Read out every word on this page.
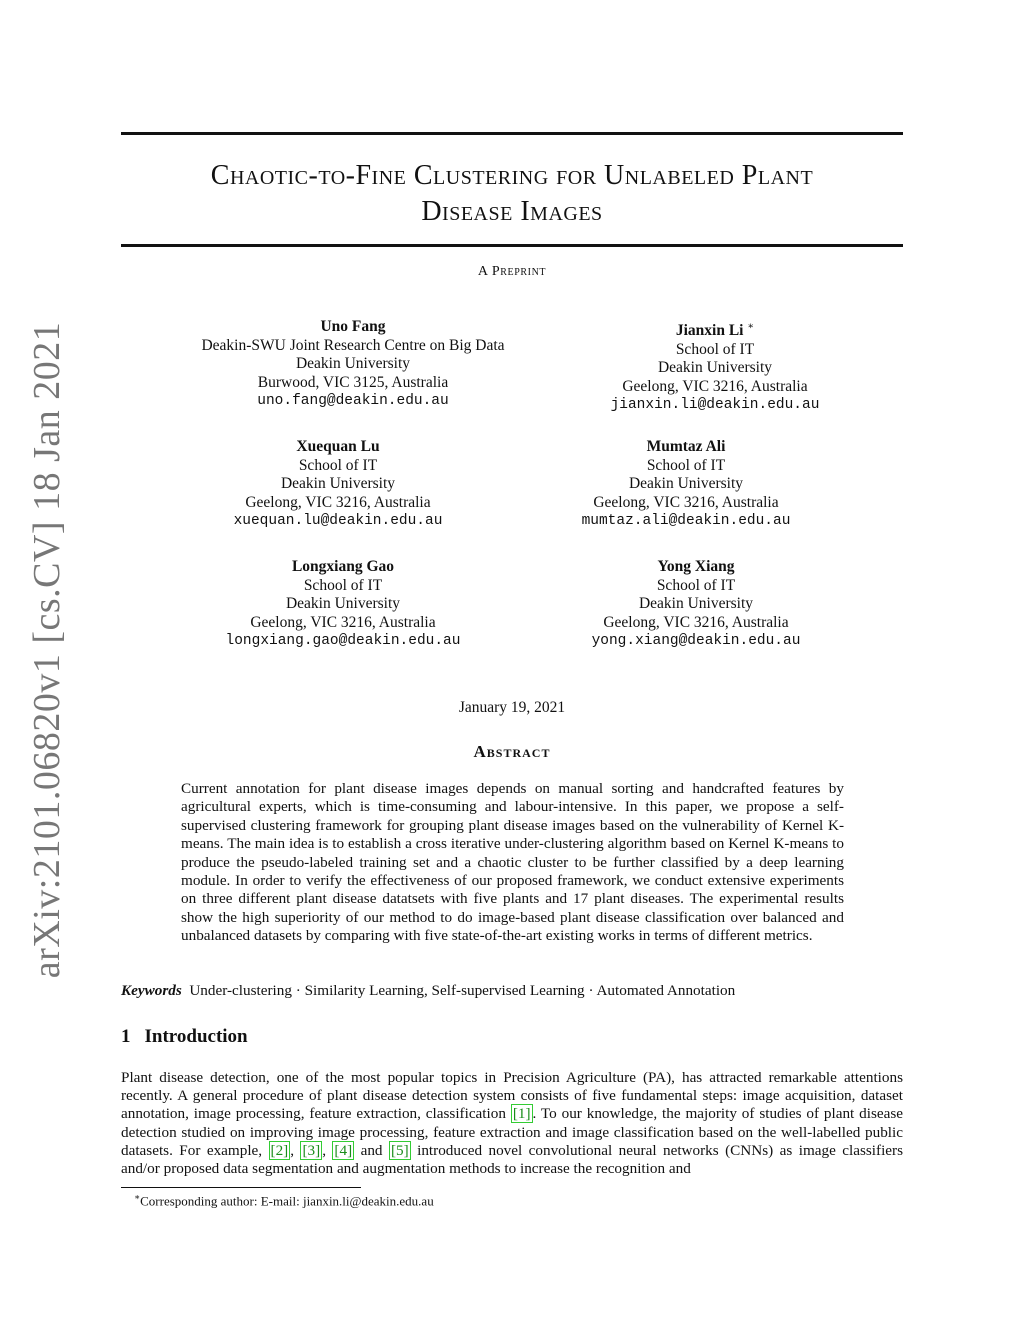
arXiv:2101.06820v1 [cs.CV] 18 Jan 2021
Chaotic-to-Fine Clustering for Unlabeled Plant
Disease Images
A Preprint
Uno Fang
Deakin-SWU Joint Research Centre on Big Data
Deakin University
Burwood, VIC 3125, Australia
uno.fang@deakin.edu.au
Jianxin Li ∗
School of IT
Deakin University
Geelong, VIC 3216, Australia
jianxin.li@deakin.edu.au
Xuequan Lu
School of IT
Deakin University
Geelong, VIC 3216, Australia
xuequan.lu@deakin.edu.au
Mumtaz Ali
School of IT
Deakin University
Geelong, VIC 3216, Australia
mumtaz.ali@deakin.edu.au
Longxiang Gao
School of IT
Deakin University
Geelong, VIC 3216, Australia
longxiang.gao@deakin.edu.au
Yong Xiang
School of IT
Deakin University
Geelong, VIC 3216, Australia
yong.xiang@deakin.edu.au
January 19, 2021
Abstract
Current annotation for plant disease images depends on manual sorting and handcrafted features by agricultural experts, which is time-consuming and labour-intensive. In this paper, we propose a self-supervised clustering framework for grouping plant disease images based on the vulnerability of Kernel K-means. The main idea is to establish a cross iterative under-clustering algorithm based on Kernel K-means to produce the pseudo-labeled training set and a chaotic cluster to be further classified by a deep learning module. In order to verify the effectiveness of our proposed framework, we conduct extensive experiments on three different plant disease datatsets with five plants and 17 plant diseases. The experimental results show the high superiority of our method to do image-based plant disease classification over balanced and unbalanced datasets by comparing with five state-of-the-art existing works in terms of different metrics.
Keywords Under-clustering · Similarity Learning, Self-supervised Learning · Automated Annotation
1 Introduction
Plant disease detection, one of the most popular topics in Precision Agriculture (PA), has attracted remarkable attentions recently. A general procedure of plant disease detection system consists of five fundamental steps: image acquisition, dataset annotation, image processing, feature extraction, classification [1] . To our knowledge, the majority of studies of plant disease detection studied on improving image processing, feature extraction and image classification based on the well-labelled public datasets. For example, [2] , [3] , [4] and [5] introduced novel convolutional neural networks (CNNs) as image classifiers and/or proposed data segmentation and augmentation methods to increase the recognition and
∗Corresponding author: E-mail: jianxin.li@deakin.edu.au
